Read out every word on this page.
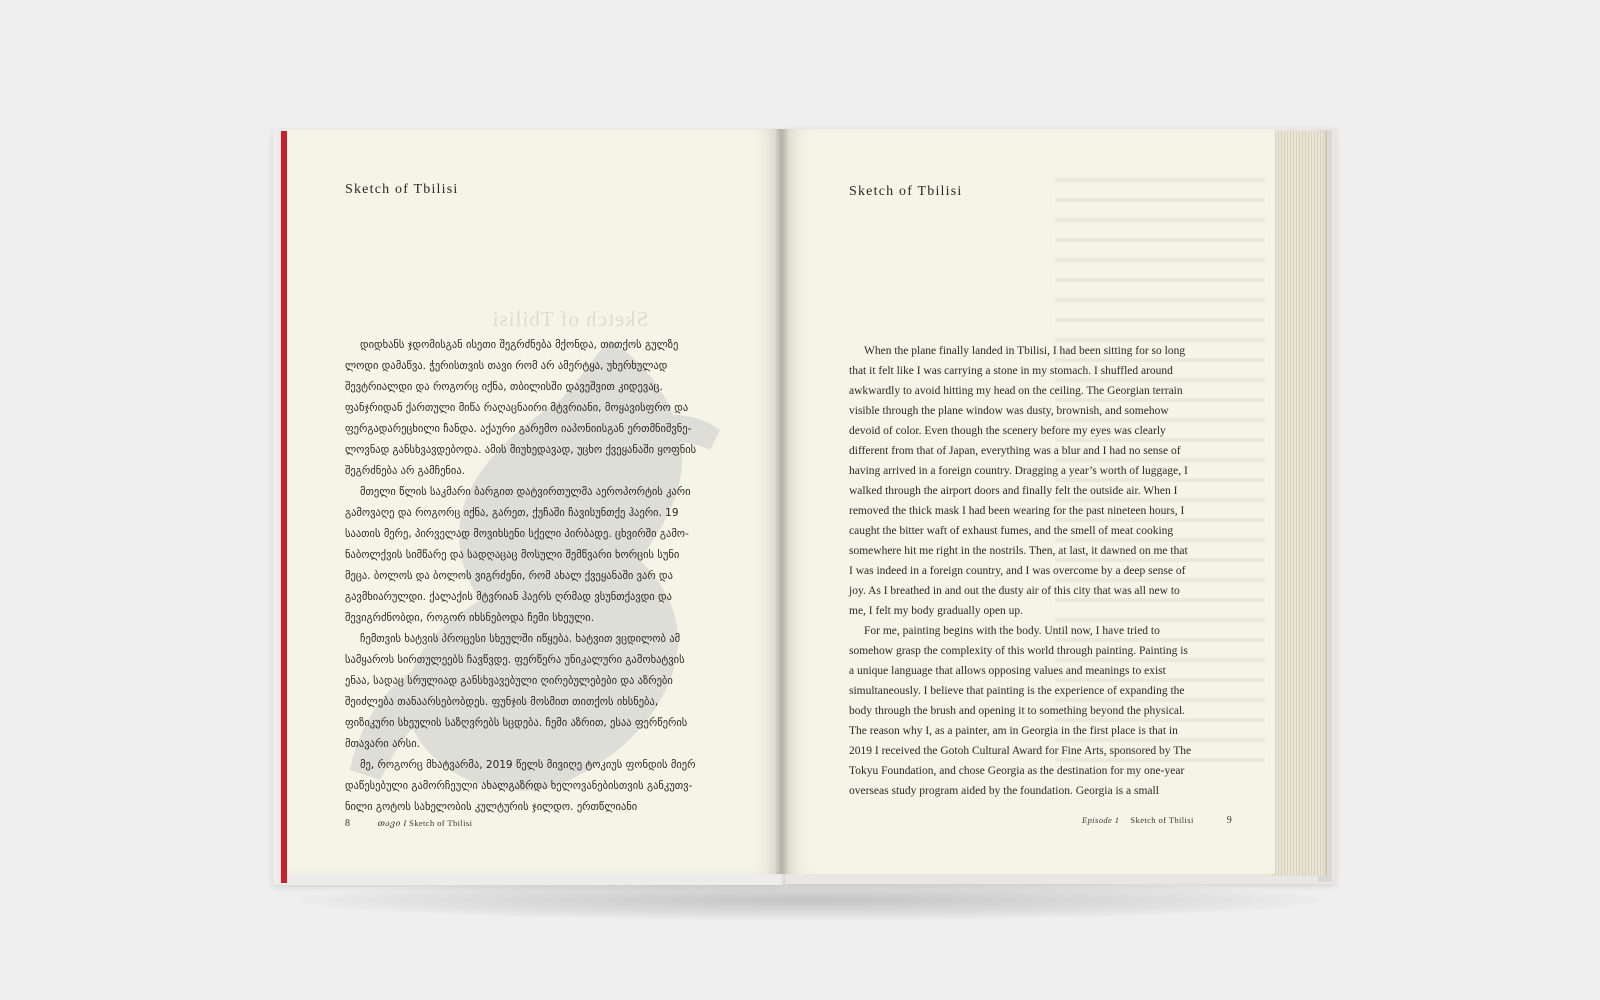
Sketch of Tbilisi
Sketch of Tbilisi
დიდხანს ჯდომისგან ისეთი შეგრძნება მქონდა, თითქოს გულზე
ლოდი დამაწვა. ჭერისთვის თავი რომ არ ამერტყა, უხერხულად
შევტრიალდი და როგორც იქნა, თბილისში დავეშვით კიდევაც.
ფანჯრიდან ქართული მიწა რაღაცნაირი მტვრიანი, მოყავისფრო და
ფერგადარეცხილი ჩანდა. აქაური გარემო იაპონიისგან ერთმნიშვნე-
ლოვნად განსხვავდებოდა. ამის მიუხედავად, უცხო ქვეყანაში ყოფნის
შეგრძნება არ გამჩენია.
მთელი წლის საკმარი ბარგით დატვირთულმა აეროპორტის კარი
გამოვაღე და როგორც იქნა, გარეთ, ქუჩაში ჩავისუნთქე ჰაერი. 19
საათის მერე, პირველად მოვიხსენი სქელი პირბადე. ცხვირში გამო-
ნაბოლქვის სიმწარე და სადღაცაც მოსული შემწვარი ხორცის სუნი
მეცა. ბოლოს და ბოლოს ვიგრძენი, რომ ახალ ქვეყანაში ვარ და
გავმხიარულდი. ქალაქის მტვრიან ჰაერს ღრმად ვსუნთქავდი და
შევიგრძნობდი, როგორ იხსნებოდა ჩემი სხეული.
ჩემთვის ხატვის პროცესი სხეულში იწყება. ხატვით ვცდილობ ამ
სამყაროს სირთულეებს ჩავწვდე. ფერწერა უნიკალური გამოხატვის
ენაა, სადაც სრულიად განსხვავებული ღირებულებები და აზრები
შეიძლება თანაარსებობდეს. ფუნჯის მოსმით თითქოს იხსნება,
ფიზიკური სხეულის საზღვრებს სცდება. ჩემი აზრით, ესაა ფერწერის
მთავარი არსი.
მე, როგორც მხატვარმა, 2019 წელს მივიღე ტოკიუს ფონდის მიერ
დაწესებული გამორჩეული ახალგაზრდა ხელოვანებისთვის განკუთვ-
ნილი გოტოს სახელობის კულტურის ჯილდო. ერთწლიანი
8	თავი I Sketch of Tbilisi
Sketch of Tbilisi
When the plane finally landed in Tbilisi, I had been sitting for so long
that it felt like I was carrying a stone in my stomach. I shuffled around
awkwardly to avoid hitting my head on the ceiling. The Georgian terrain
visible through the plane window was dusty, brownish, and somehow
devoid of color. Even though the scenery before my eyes was clearly
different from that of Japan, everything was a blur and I had no sense of
having arrived in a foreign country. Dragging a year’s worth of luggage, I
walked through the airport doors and finally felt the outside air. When I
removed the thick mask I had been wearing for the past nineteen hours, I
caught the bitter waft of exhaust fumes, and the smell of meat cooking
somewhere hit me right in the nostrils. Then, at last, it dawned on me that
I was indeed in a foreign country, and I was overcome by a deep sense of
joy. As I breathed in and out the dusty air of this city that was all new to
me, I felt my body gradually open up.
For me, painting begins with the body. Until now, I have tried to
somehow grasp the complexity of this world through painting. Painting is
a unique language that allows opposing values and meanings to exist
simultaneously. I believe that painting is the experience of expanding the
body through the brush and opening it to something beyond the physical.
The reason why I, as a painter, am in Georgia in the first place is that in
2019 I received the Gotoh Cultural Award for Fine Arts, sponsored by The
Tokyu Foundation, and chose Georgia as the destination for my one-year
overseas study program aided by the foundation. Georgia is a small
Episode 1 Sketch of Tbilisi	9
